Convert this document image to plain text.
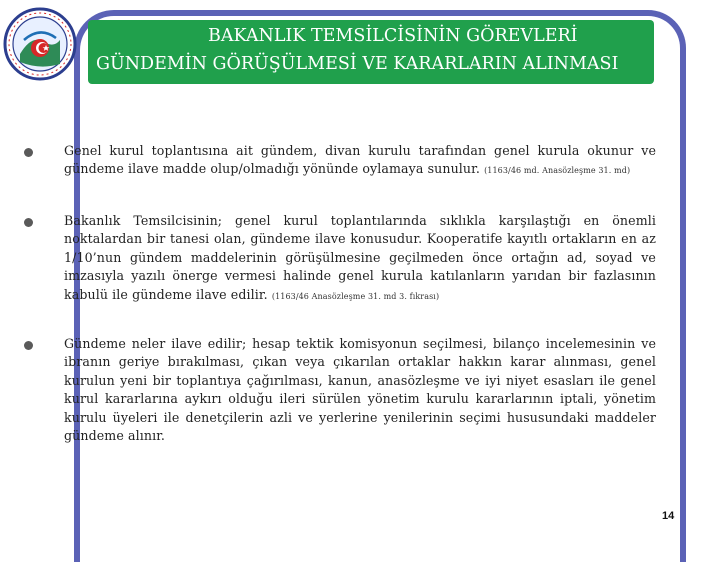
BAKANLIK TEMSİLCİSİNİN GÖREVLERİ
GÜNDEMİN GÖRÜŞÜLMESİ VE KARARLARIN ALINMASI
Genel kurul toplantısına ait gündem, divan kurulu tarafından genel kurula okunur ve gündeme ilave madde olup/olmadığı yönünde oylamaya sunulur. (1163/46 md. Anasözleşme 31. md)
Bakanlık Temsilcisinin; genel kurul toplantılarında sıklıkla karşılaştığı en önemli noktalardan bir tanesi olan, gündeme ilave konusudur. Kooperatife kayıtlı ortakların en az 1/10’nun gündem maddelerinin görüşülmesine geçilmeden önce ortağın ad, soyad ve imzasıyla yazılı önerge vermesi halinde genel kurula katılanların yarıdan bir fazlasının kabulü ile gündeme ilave edilir. (1163/46 Anasözleşme 31. md 3. fıkrası)
Gündeme neler ilave edilir; hesap tektik komisyonun seçilmesi, bilanço incelemesinin ve ibranın geriye bırakılması, çıkan veya çıkarılan ortaklar hakkın karar alınması, genel kurulun yeni bir toplantıya çağırılması, kanun, anasözleşme ve iyi niyet esasları ile genel kurul kararlarına aykırı olduğu ileri sürülen yönetim kurulu kararlarının iptali, yönetim kurulu üyeleri ile denetçilerin azli ve yerlerine yenilerinin seçimi hususundaki maddeler gündeme alınır.
14
